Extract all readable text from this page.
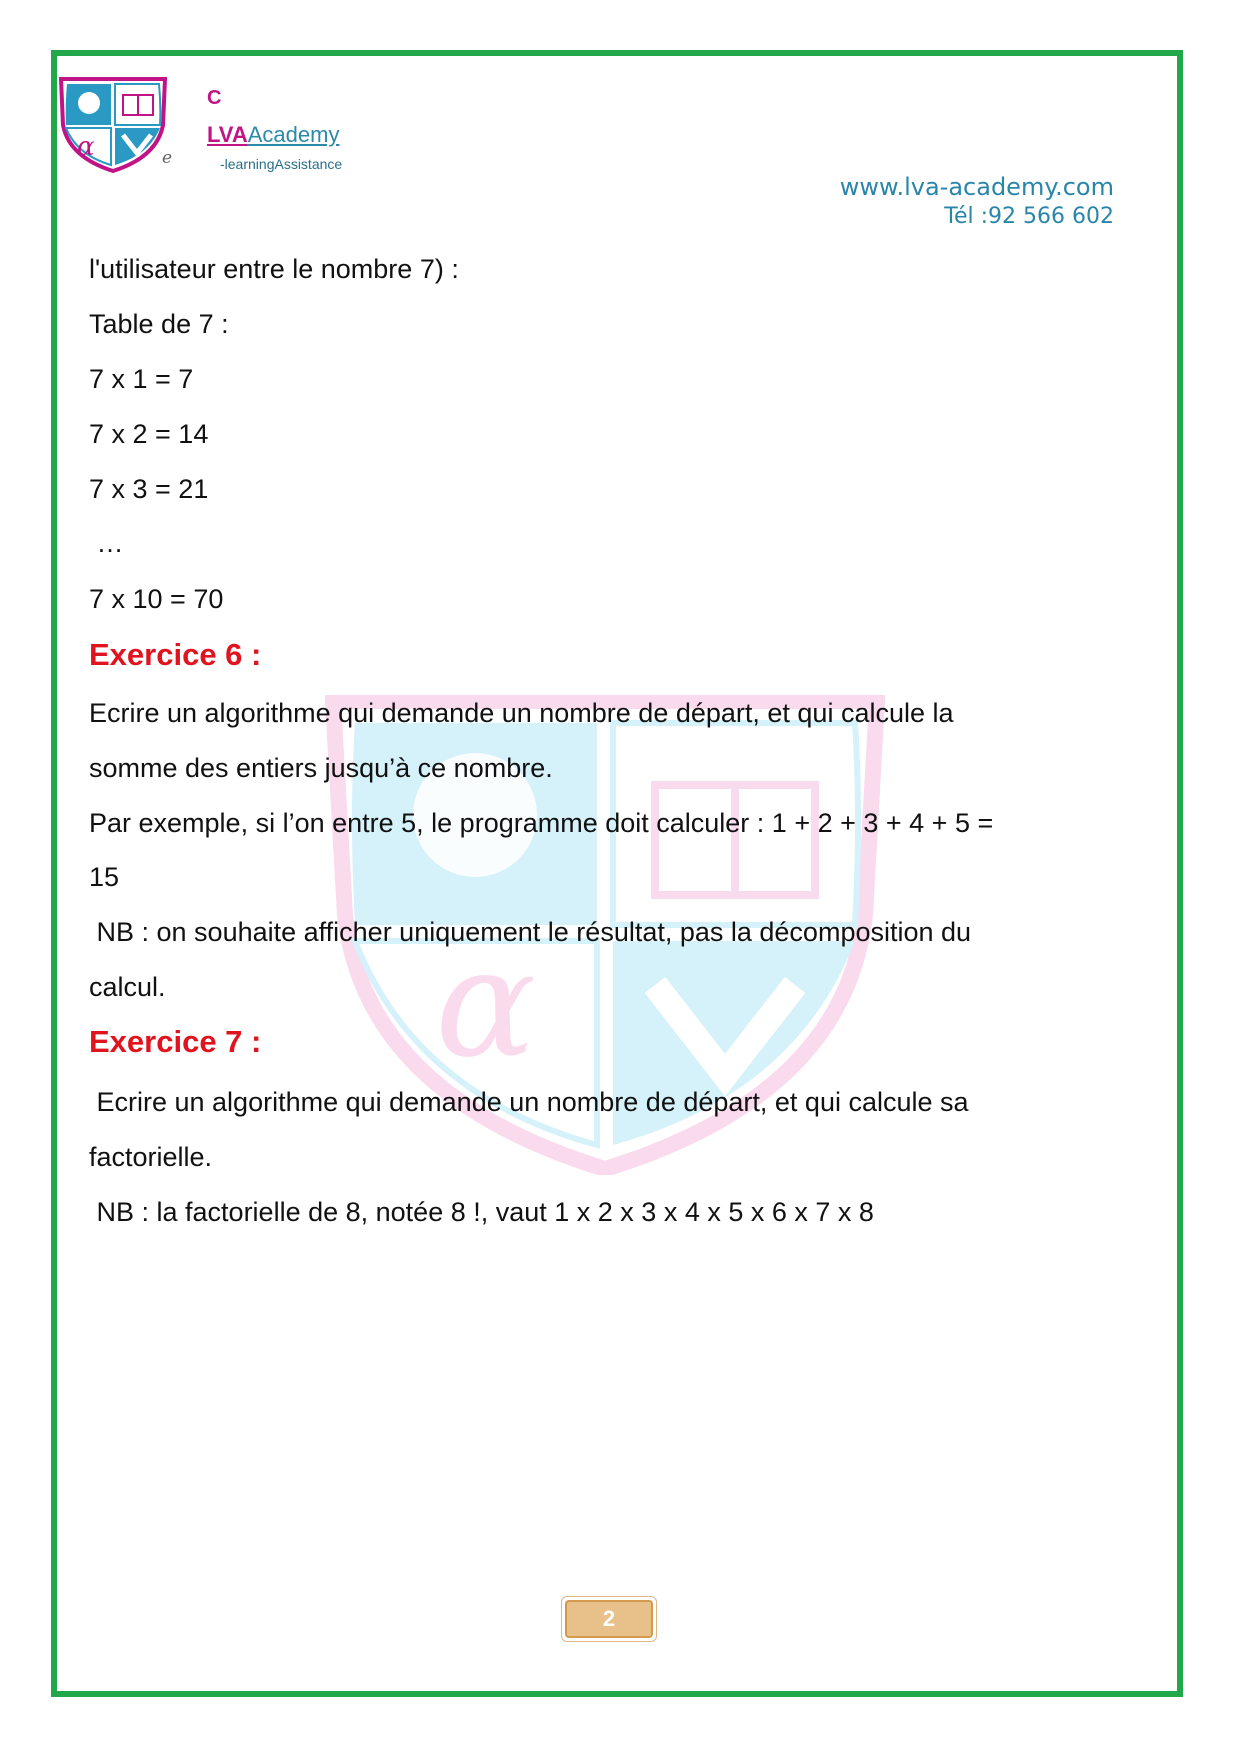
α	e
C
LVAAcademy
-learningAssistance
www.lva-academy.com
Tél :92 566 602
α
l'utilisateur entre le nombre 7) :
Table de 7 :
7 x 1 = 7
7 x 2 = 14
7 x 3 = 21
…
7 x 10 = 70
Exercice 6 :
Ecrire un algorithme qui demande un nombre de départ, et qui calcule la
somme des entiers jusqu’à ce nombre.
Par exemple, si l’on entre 5, le programme doit calculer : 1 + 2 + 3 + 4 + 5 =
15
NB : on souhaite afficher uniquement le résultat, pas la décomposition du
calcul.
Exercice 7 :
Ecrire un algorithme qui demande un nombre de départ, et qui calcule sa
factorielle.
NB : la factorielle de 8, notée 8 !, vaut 1 x 2 x 3 x 4 x 5 x 6 x 7 x 8
2
